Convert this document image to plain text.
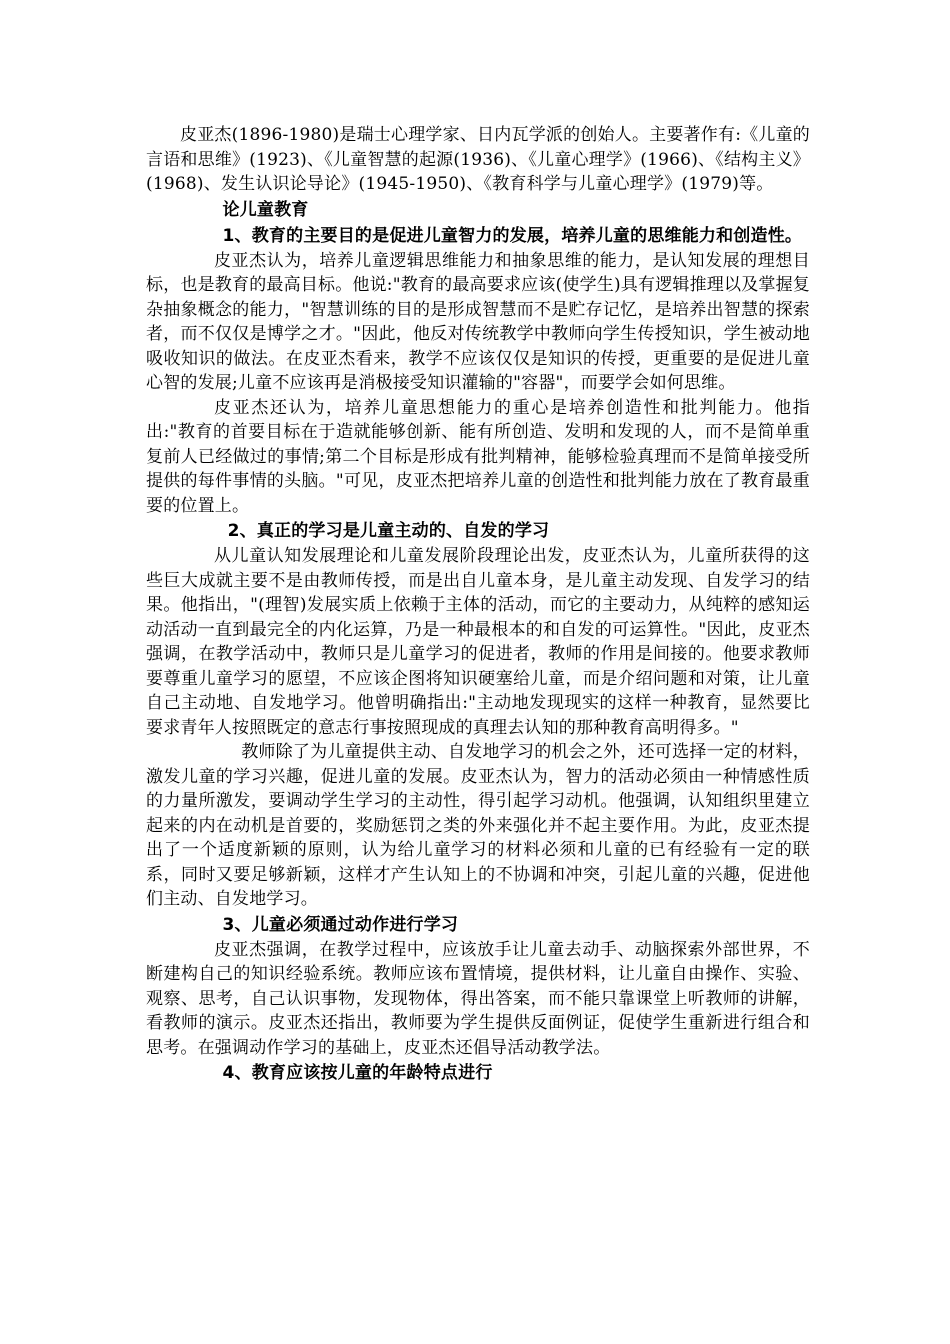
皮亚杰(1896-1980)是瑞士心理学家、日内瓦学派的创始人。主要著作有:《儿童的言语和思维》(1923)、《儿童智慧的起源(1936)、《儿童心理学》(1966)、《结构主义》(1968)、发生认识论导论》(1945-1950)、《教育科学与儿童心理学》(1979)等。

论儿童教育

1、教育的主要目的是促进儿童智力的发展，培养儿童的思维能力和创造性。

皮亚杰认为，培养儿童逻辑思维能力和抽象思维的能力，是认知发展的理想目标，也是教育的最高目标。他说:"教育的最高要求应该(使学生)具有逻辑推理以及掌握复杂抽象概念的能力，"智慧训练的目的是形成智慧而不是贮存记忆，是培养出智慧的探索者，而不仅仅是博学之才。"因此，他反对传统教学中教师向学生传授知识，学生被动地吸收知识的做法。在皮亚杰看来，教学不应该仅仅是知识的传授，更重要的是促进儿童心智的发展;儿童不应该再是消极接受知识灌输的"容器"，而要学会如何思维。

皮亚杰还认为，培养儿童思想能力的重心是培养创造性和批判能力。他指出:"教育的首要目标在于造就能够创新、能有所创造、发明和发现的人，而不是简单重复前人已经做过的事情;第二个目标是形成有批判精神，能够检验真理而不是简单接受所提供的每件事情的头脑。"可见，皮亚杰把培养儿童的创造性和批判能力放在了教育最重要的位置上。

2、真正的学习是儿童主动的、自发的学习

从儿童认知发展理论和儿童发展阶段理论出发，皮亚杰认为，儿童所获得的这些巨大成就主要不是由教师传授，而是出自儿童本身，是儿童主动发现、自发学习的结果。他指出，"(理智)发展实质上依赖于主体的活动，而它的主要动力，从纯粹的感知运动活动一直到最完全的内化运算，乃是一种最根本的和自发的可运算性。"因此，皮亚杰强调，在教学活动中，教师只是儿童学习的促进者，教师的作用是间接的。他要求教师要尊重儿童学习的愿望，不应该企图将知识硬塞给儿童，而是介绍问题和对策，让儿童自己主动地、自发地学习。他曾明确指出:"主动地发现现实的这样一种教育，显然要比要求青年人按照既定的意志行事按照现成的真理去认知的那种教育高明得多。"

教师除了为儿童提供主动、自发地学习的机会之外，还可选择一定的材料，激发儿童的学习兴趣，促进儿童的发展。皮亚杰认为，智力的活动必须由一种情感性质的力量所激发，要调动学生学习的主动性，得引起学习动机。他强调，认知组织里建立起来的内在动机是首要的，奖励惩罚之类的外来强化并不起主要作用。为此，皮亚杰提出了一个适度新颖的原则，认为给儿童学习的材料必须和儿童的已有经验有一定的联系，同时又要足够新颖，这样才产生认知上的不协调和冲突，引起儿童的兴趣，促进他们主动、自发地学习。

3、儿童必须通过动作进行学习

皮亚杰强调，在教学过程中，应该放手让儿童去动手、动脑探索外部世界，不断建构自己的知识经验系统。教师应该布置情境，提供材料，让儿童自由操作、实验、观察、思考，自己认识事物，发现物体，得出答案，而不能只靠课堂上听教师的讲解，看教师的演示。皮亚杰还指出，教师要为学生提供反面例证，促使学生重新进行组合和思考。在强调动作学习的基础上，皮亚杰还倡导活动教学法。

4、教育应该按儿童的年龄特点进行
